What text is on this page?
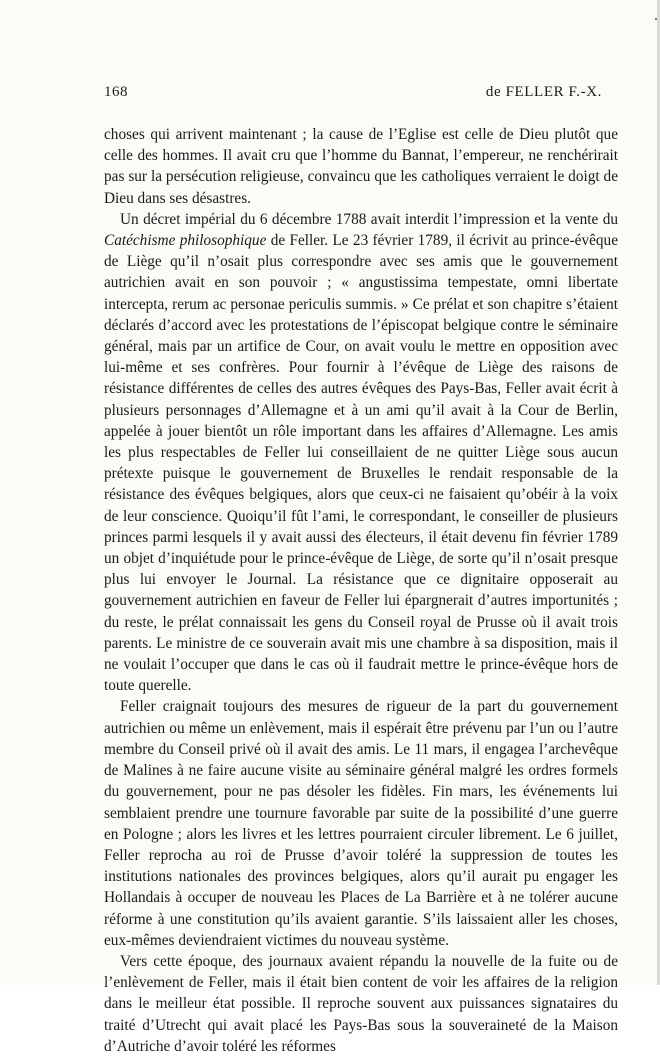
168	de FELLER F.-X.

choses qui arrivent maintenant ; la cause de l’Eglise est celle de Dieu plutôt que celle des hommes. Il avait cru que l’homme du Bannat, l’empereur, ne renchérirait pas sur la persécution religieuse, convaincu que les catholiques verraient le doigt de Dieu dans ses désastres.

Un décret impérial du 6 décembre 1788 avait interdit l’impression et la vente du Catéchisme philosophique de Feller. Le 23 février 1789, il écrivit au prince-évêque de Liège qu’il n’osait plus correspondre avec ses amis que le gouvernement autrichien avait en son pouvoir ; « angustissima tempestate, omni libertate intercepta, rerum ac personae periculis summis. » Ce prélat et son chapitre s’étaient déclarés d’accord avec les protestations de l’épiscopat belgique contre le séminaire général, mais par un artifice de Cour, on avait voulu le mettre en opposition avec lui-même et ses confrères. Pour fournir à l’évêque de Liège des raisons de résistance différentes de celles des autres évêques des Pays-Bas, Feller avait écrit à plusieurs personnages d’Allemagne et à un ami qu’il avait à la Cour de Berlin, appelée à jouer bientôt un rôle important dans les affaires d’Allemagne. Les amis les plus respectables de Feller lui conseillaient de ne quitter Liège sous aucun prétexte puisque le gouvernement de Bruxelles le rendait responsable de la résistance des évêques belgiques, alors que ceux-ci ne faisaient qu’obéir à la voix de leur conscience. Quoiqu’il fût l’ami, le correspondant, le conseiller de plusieurs princes parmi lesquels il y avait aussi des électeurs, il était devenu fin février 1789 un objet d’inquiétude pour le prince-évêque de Liège, de sorte qu’il n’osait presque plus lui envoyer le Journal. La résistance que ce dignitaire opposerait au gouvernement autrichien en faveur de Feller lui épargnerait d’autres importunités ; du reste, le prélat connaissait les gens du Conseil royal de Prusse où il avait trois parents. Le ministre de ce souverain avait mis une chambre à sa disposition, mais il ne voulait l’occuper que dans le cas où il faudrait mettre le prince-évêque hors de toute querelle.

Feller craignait toujours des mesures de rigueur de la part du gouvernement autrichien ou même un enlèvement, mais il espérait être prévenu par l’un ou l’autre membre du Conseil privé où il avait des amis. Le 11 mars, il engagea l’archevêque de Malines à ne faire aucune visite au séminaire général malgré les ordres formels du gouvernement, pour ne pas désoler les fidèles. Fin mars, les événements lui semblaient prendre une tournure favorable par suite de la possibilité d’une guerre en Pologne ; alors les livres et les lettres pourraient circuler librement. Le 6 juillet, Feller reprocha au roi de Prusse d’avoir toléré la suppression de toutes les institutions nationales des provinces belgiques, alors qu’il aurait pu engager les Hollandais à occuper de nouveau les Places de La Barrière et à ne tolérer aucune réforme à une constitution qu’ils avaient garantie. S’ils laissaient aller les choses, eux-mêmes deviendraient victimes du nouveau système.

Vers cette époque, des journaux avaient répandu la nouvelle de la fuite ou de l’enlèvement de Feller, mais il était bien content de voir les affaires de la religion dans le meilleur état possible. Il reproche souvent aux puissances signataires du traité d’Utrecht qui avait placé les Pays-Bas sous la souveraineté de la Maison d’Autriche d’avoir toléré les réformes
